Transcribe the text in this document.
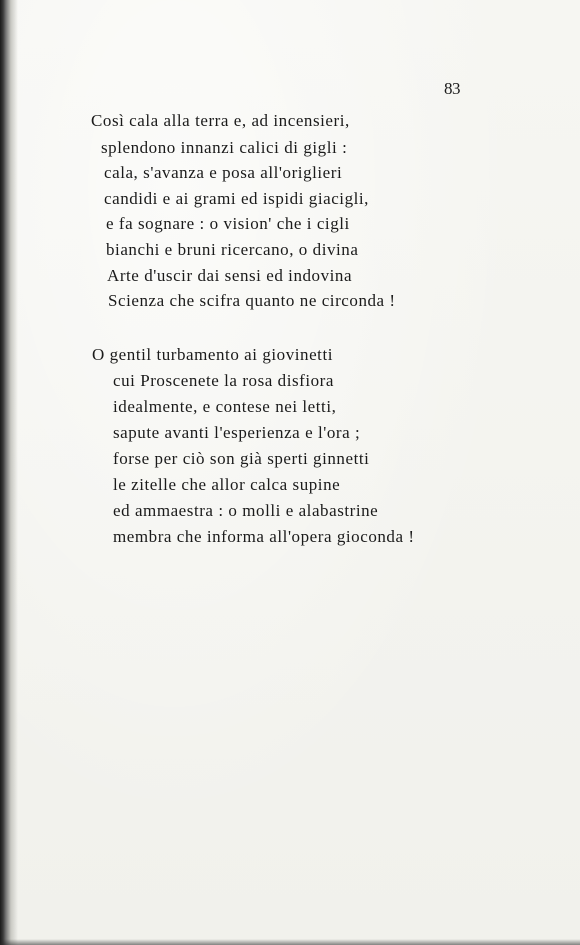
83
Così cala alla terra e, ad incensieri,
splendono innanzi calici di gigli :
cala, s'avanza e posa all'origlieri
candidi e ai grami ed ispidi giacigli,
e fa sognare : o vision' che i cigli
bianchi e bruni ricercano, o divina
Arte d'uscir dai sensi ed indovina
Scienza che scifra quanto ne circonda !
O gentil turbamento ai giovinetti
cui Proscenete la rosa disfiora
idealmente, e contese nei letti,
sapute avanti l'esperienza e l'ora ;
forse per ciò son già sperti ginnetti
le zitelle che allor calca supine
ed ammaestra : o molli e alabastrine
membra che informa all'opera gioconda !
